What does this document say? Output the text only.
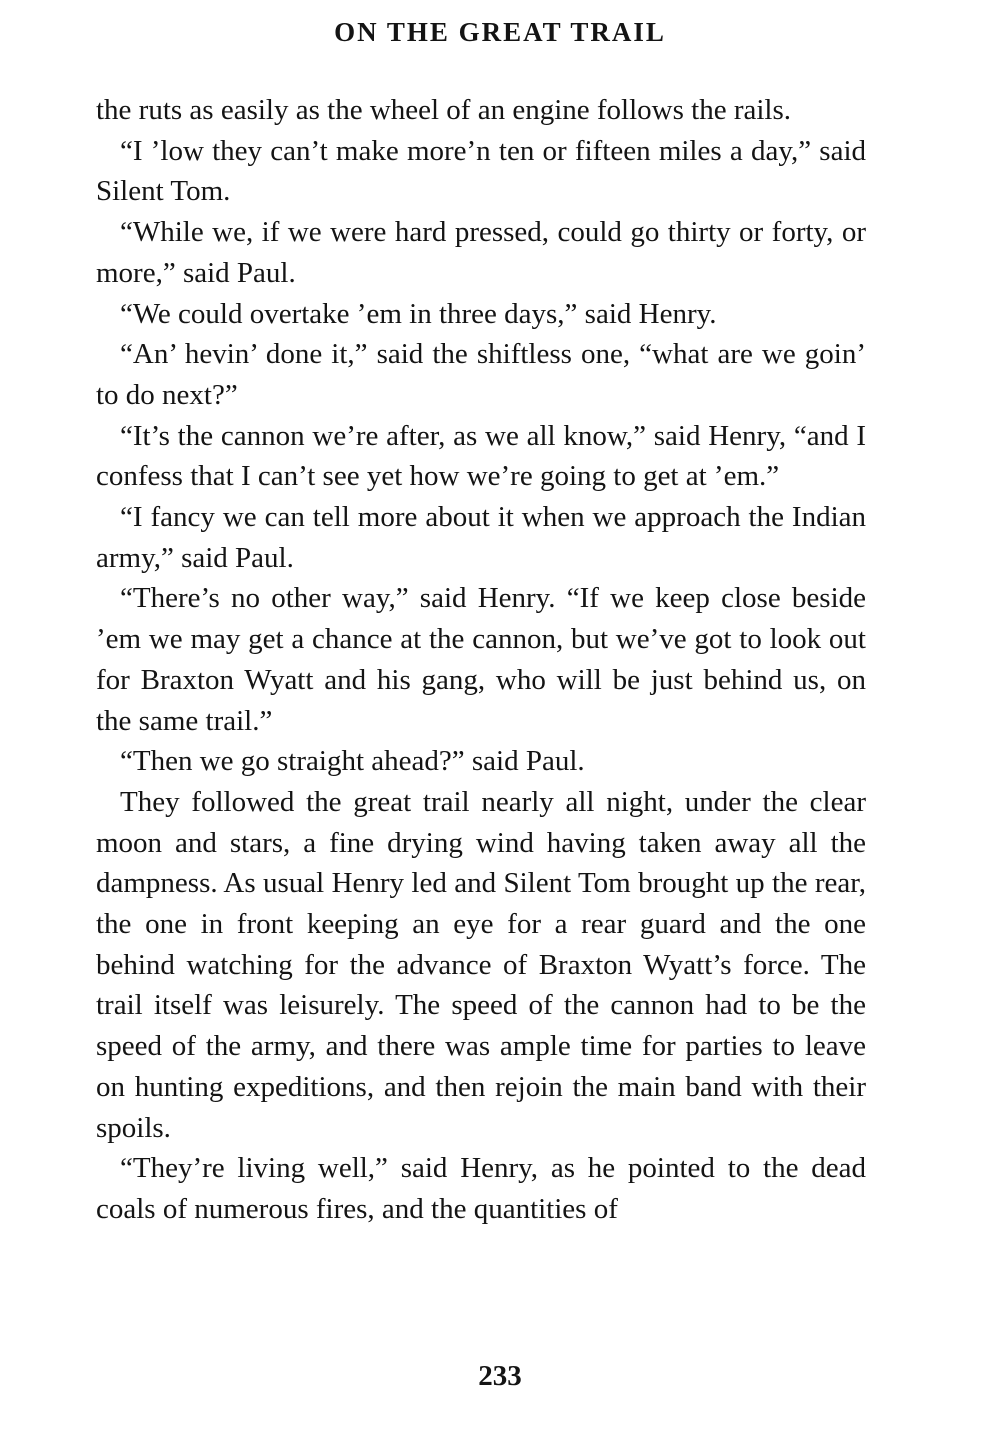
ON THE GREAT TRAIL

the ruts as easily as the wheel of an engine follows the rails.

“I ’low they can’t make more’n ten or fifteen miles a day,” said Silent Tom.

“While we, if we were hard pressed, could go thirty or forty, or more,” said Paul.

“We could overtake ’em in three days,” said Henry.

“An’ hevin’ done it,” said the shiftless one, “what are we goin’ to do next?”

“It’s the cannon we’re after, as we all know,” said Henry, “and I confess that I can’t see yet how we’re going to get at ’em.”

“I fancy we can tell more about it when we approach the Indian army,” said Paul.

“There’s no other way,” said Henry. “If we keep close beside ’em we may get a chance at the cannon, but we’ve got to look out for Braxton Wyatt and his gang, who will be just behind us, on the same trail.”

“Then we go straight ahead?” said Paul.

They followed the great trail nearly all night, under the clear moon and stars, a fine drying wind having taken away all the dampness. As usual Henry led and Silent Tom brought up the rear, the one in front keeping an eye for a rear guard and the one behind watching for the advance of Braxton Wyatt’s force. The trail itself was leisurely. The speed of the cannon had to be the speed of the army, and there was ample time for parties to leave on hunting expeditions, and then rejoin the main band with their spoils.

“They’re living well,” said Henry, as he pointed to the dead coals of numerous fires, and the quantities of

233
